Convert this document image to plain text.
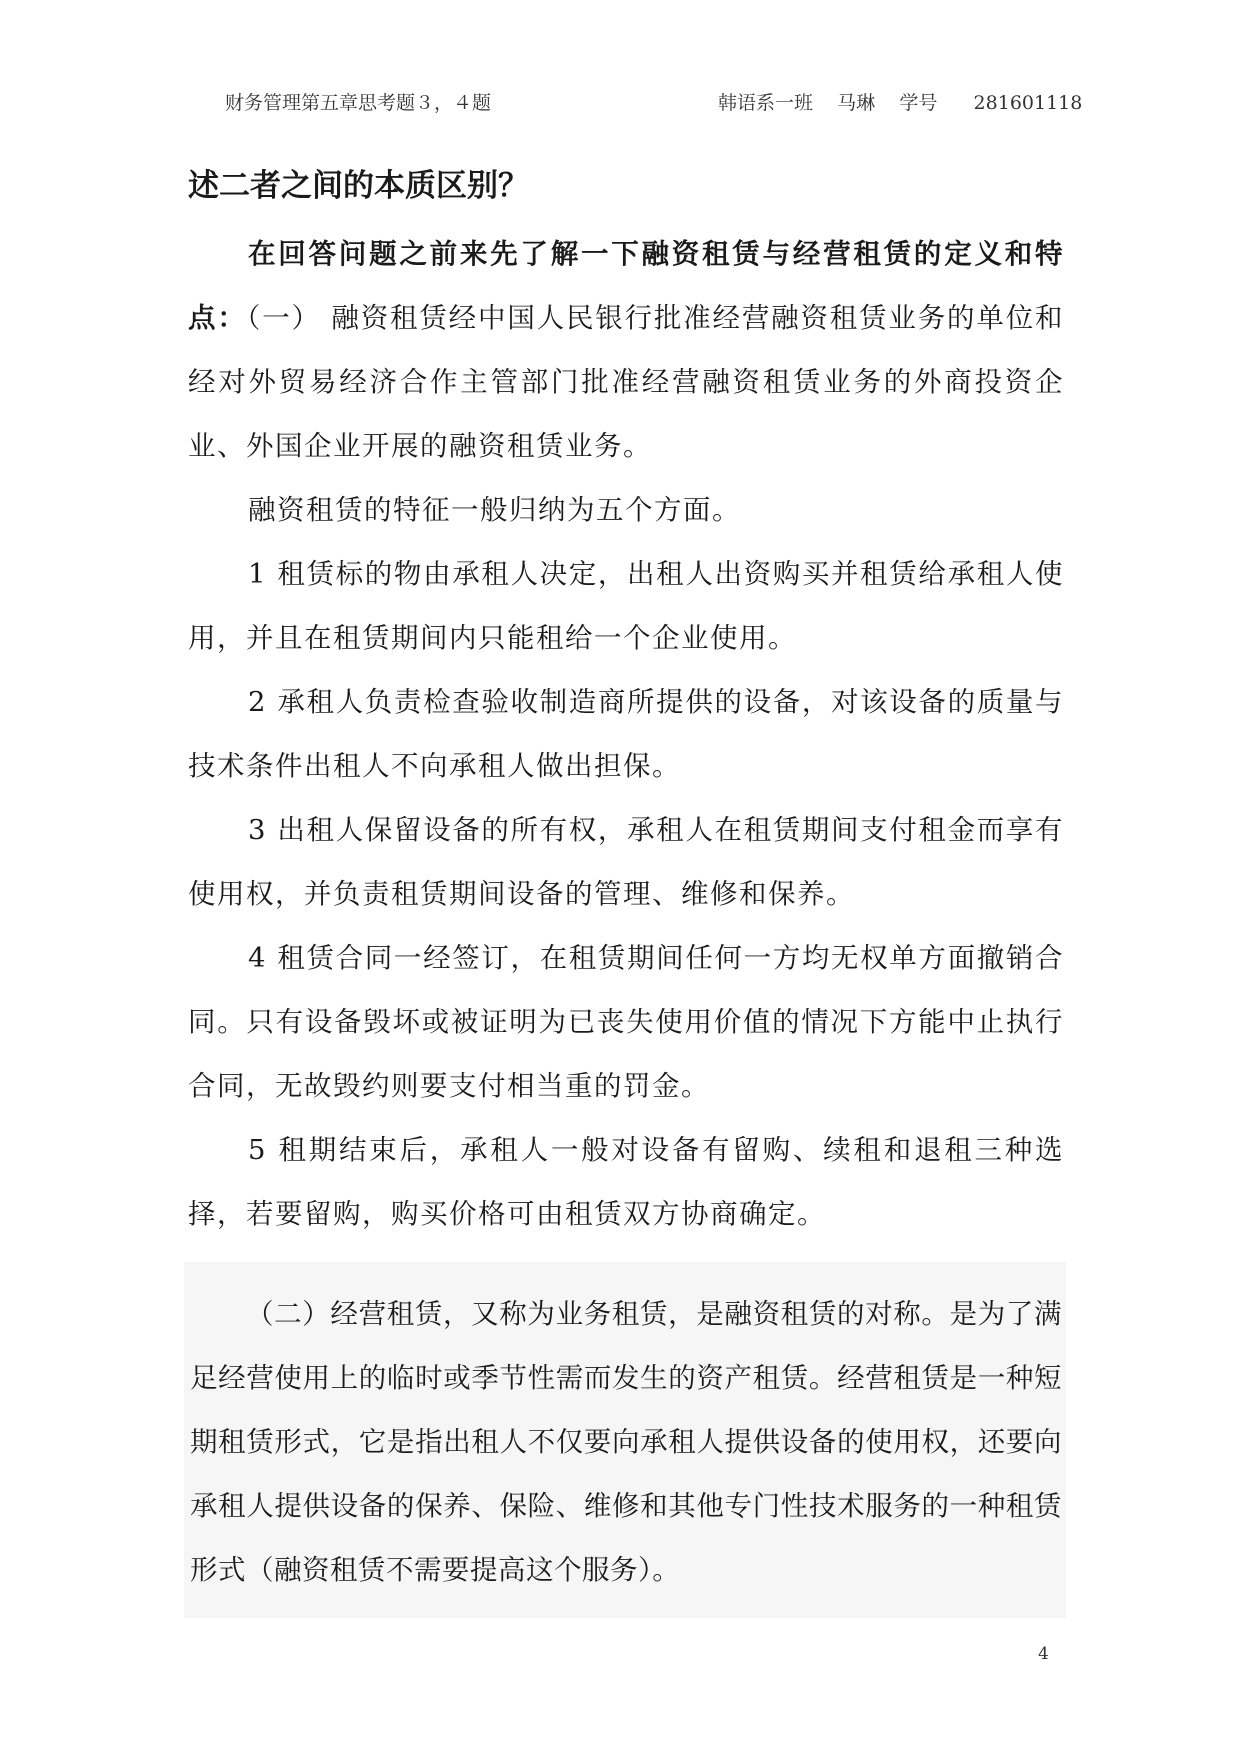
财务管理第五章思考题３，４题	韩语系一班    马琳    学号      281601118
述二者之间的本质区别？

在回答问题之前来先了解一下融资租赁与经营租赁的定义和特点：（一） 融资租赁经中国人民银行批准经营融资租赁业务的单位和经对外贸易经济合作主管部门批准经营融资租赁业务的外商投资企业、外国企业开展的融资租赁业务。

融资租赁的特征一般归纳为五个方面。

1 租赁标的物由承租人决定，出租人出资购买并租赁给承租人使用，并且在租赁期间内只能租给一个企业使用。

2 承租人负责检查验收制造商所提供的设备，对该设备的质量与技术条件出租人不向承租人做出担保。

3 出租人保留设备的所有权，承租人在租赁期间支付租金而享有使用权，并负责租赁期间设备的管理、维修和保养。

4 租赁合同一经签订，在租赁期间任何一方均无权单方面撤销合同。只有设备毁坏或被证明为已丧失使用价值的情况下方能中止执行合同，无故毁约则要支付相当重的罚金。

5 租期结束后，承租人一般对设备有留购、续租和退租三种选择，若要留购，购买价格可由租赁双方协商确定。

（二）经营租赁，又称为业务租赁，是融资租赁的对称。是为了满足经营使用上的临时或季节性需而发生的资产租赁。经营租赁是一种短期租赁形式，它是指出租人不仅要向承租人提供设备的使用权，还要向承租人提供设备的保养、保险、维修和其他专门性技术服务的一种租赁形式（融资租赁不需要提高这个服务）。

4
